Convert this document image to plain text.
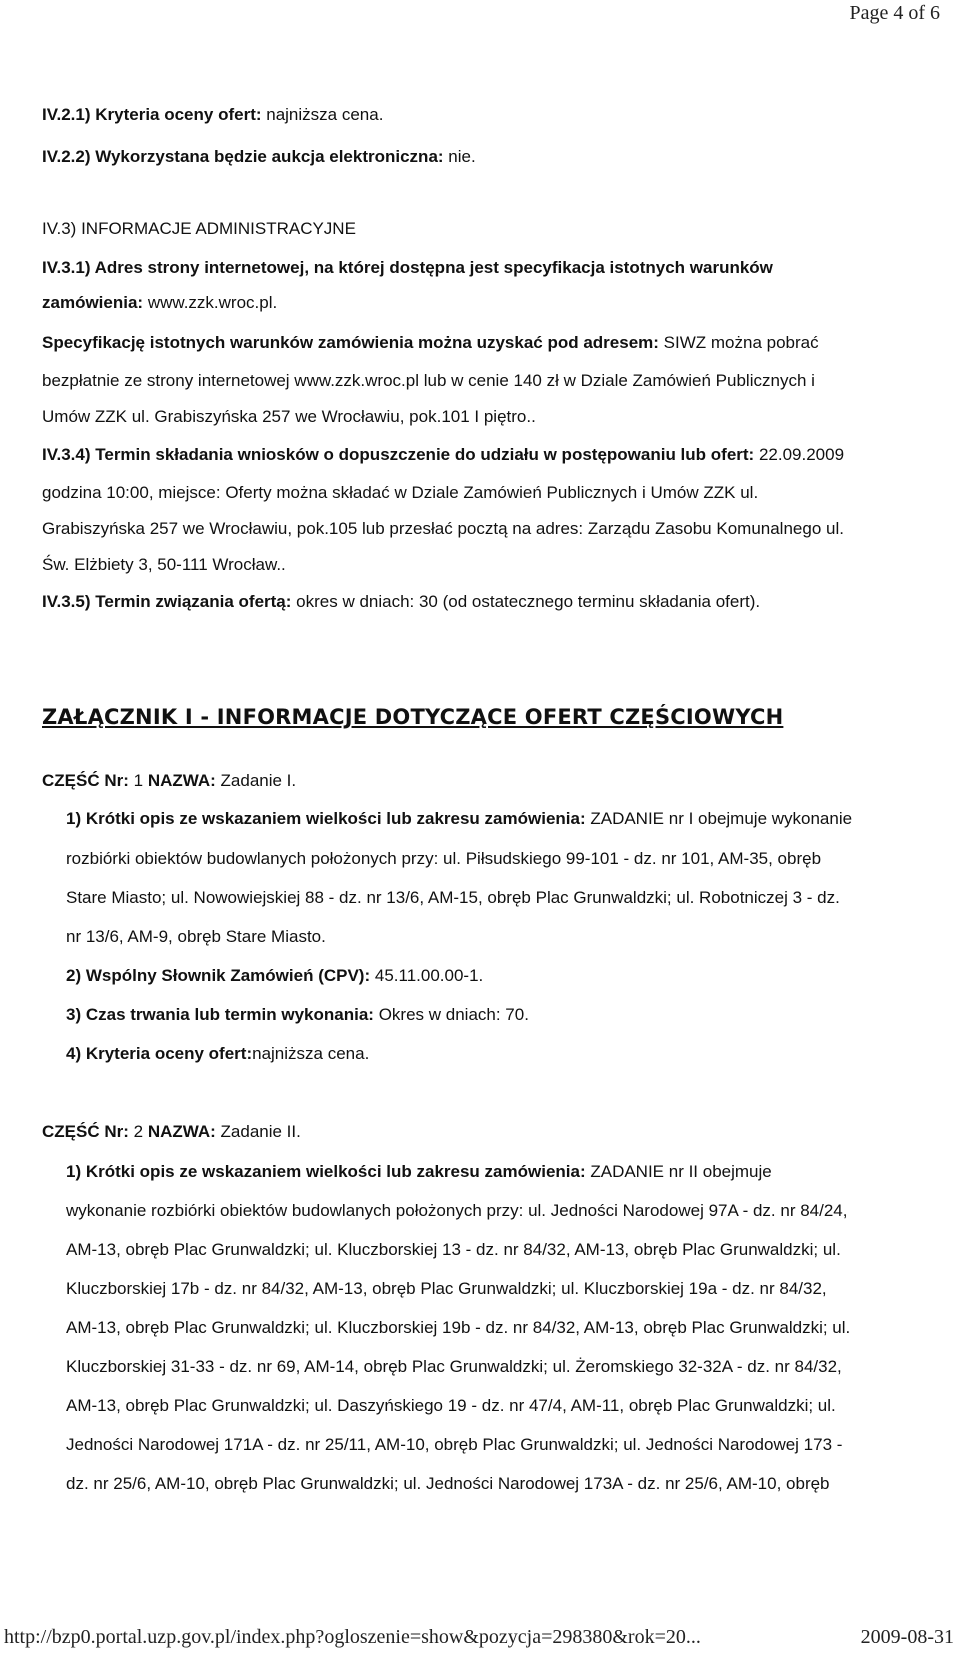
Page 4 of 6
IV.2.1) Kryteria oceny ofert: najniższa cena.
IV.2.2) Wykorzystana będzie aukcja elektroniczna: nie.
IV.3) INFORMACJE ADMINISTRACYJNE
IV.3.1) Adres strony internetowej, na której dostępna jest specyfikacja istotnych warunków
zamówienia: www.zzk.wroc.pl.
Specyfikację istotnych warunków zamówienia można uzyskać pod adresem: SIWZ można pobrać
bezpłatnie ze strony internetowej www.zzk.wroc.pl lub w cenie 140 zł w Dziale Zamówień Publicznych i
Umów ZZK ul. Grabiszyńska 257 we Wrocławiu, pok.101 I piętro..
IV.3.4) Termin składania wniosków o dopuszczenie do udziału w postępowaniu lub ofert: 22.09.2009
godzina 10:00, miejsce: Oferty można składać w Dziale Zamówień Publicznych i Umów ZZK ul.
Grabiszyńska 257 we Wrocławiu, pok.105 lub przesłać pocztą na adres: Zarządu Zasobu Komunalnego ul.
Św. Elżbiety 3, 50-111 Wrocław..
IV.3.5) Termin związania ofertą: okres w dniach: 30 (od ostatecznego terminu składania ofert).
ZAŁĄCZNIK I - INFORMACJE DOTYCZĄCE OFERT CZĘŚCIOWYCH
CZĘŚĆ Nr: 1 NAZWA: Zadanie I.
1) Krótki opis ze wskazaniem wielkości lub zakresu zamówienia: ZADANIE nr I obejmuje wykonanie
rozbiórki obiektów budowlanych położonych przy: ul. Piłsudskiego 99-101 - dz. nr 101, AM-35, obręb
Stare Miasto; ul. Nowowiejskiej 88 - dz. nr 13/6, AM-15, obręb Plac Grunwaldzki; ul. Robotniczej 3 - dz.
nr 13/6, AM-9, obręb Stare Miasto.
2) Wspólny Słownik Zamówień (CPV): 45.11.00.00-1.
3) Czas trwania lub termin wykonania: Okres w dniach: 70.
4) Kryteria oceny ofert:najniższa cena.
CZĘŚĆ Nr: 2 NAZWA: Zadanie II.
1) Krótki opis ze wskazaniem wielkości lub zakresu zamówienia: ZADANIE nr II obejmuje
wykonanie rozbiórki obiektów budowlanych położonych przy: ul. Jedności Narodowej 97A - dz. nr 84/24,
AM-13, obręb Plac Grunwaldzki; ul. Kluczborskiej 13 - dz. nr 84/32, AM-13, obręb Plac Grunwaldzki; ul.
Kluczborskiej 17b - dz. nr 84/32, AM-13, obręb Plac Grunwaldzki; ul. Kluczborskiej 19a - dz. nr 84/32,
AM-13, obręb Plac Grunwaldzki; ul. Kluczborskiej 19b - dz. nr 84/32, AM-13, obręb Plac Grunwaldzki; ul.
Kluczborskiej 31-33 - dz. nr 69, AM-14, obręb Plac Grunwaldzki; ul. Żeromskiego 32-32A - dz. nr 84/32,
AM-13, obręb Plac Grunwaldzki; ul. Daszyńskiego 19 - dz. nr 47/4, AM-11, obręb Plac Grunwaldzki; ul.
Jedności Narodowej 171A - dz. nr 25/11, AM-10, obręb Plac Grunwaldzki; ul. Jedności Narodowej 173 -
dz. nr 25/6, AM-10, obręb Plac Grunwaldzki; ul. Jedności Narodowej 173A - dz. nr 25/6, AM-10, obręb
http://bzp0.portal.uzp.gov.pl/index.php?ogloszenie=show&pozycja=298380&rok=20...	2009-08-31
